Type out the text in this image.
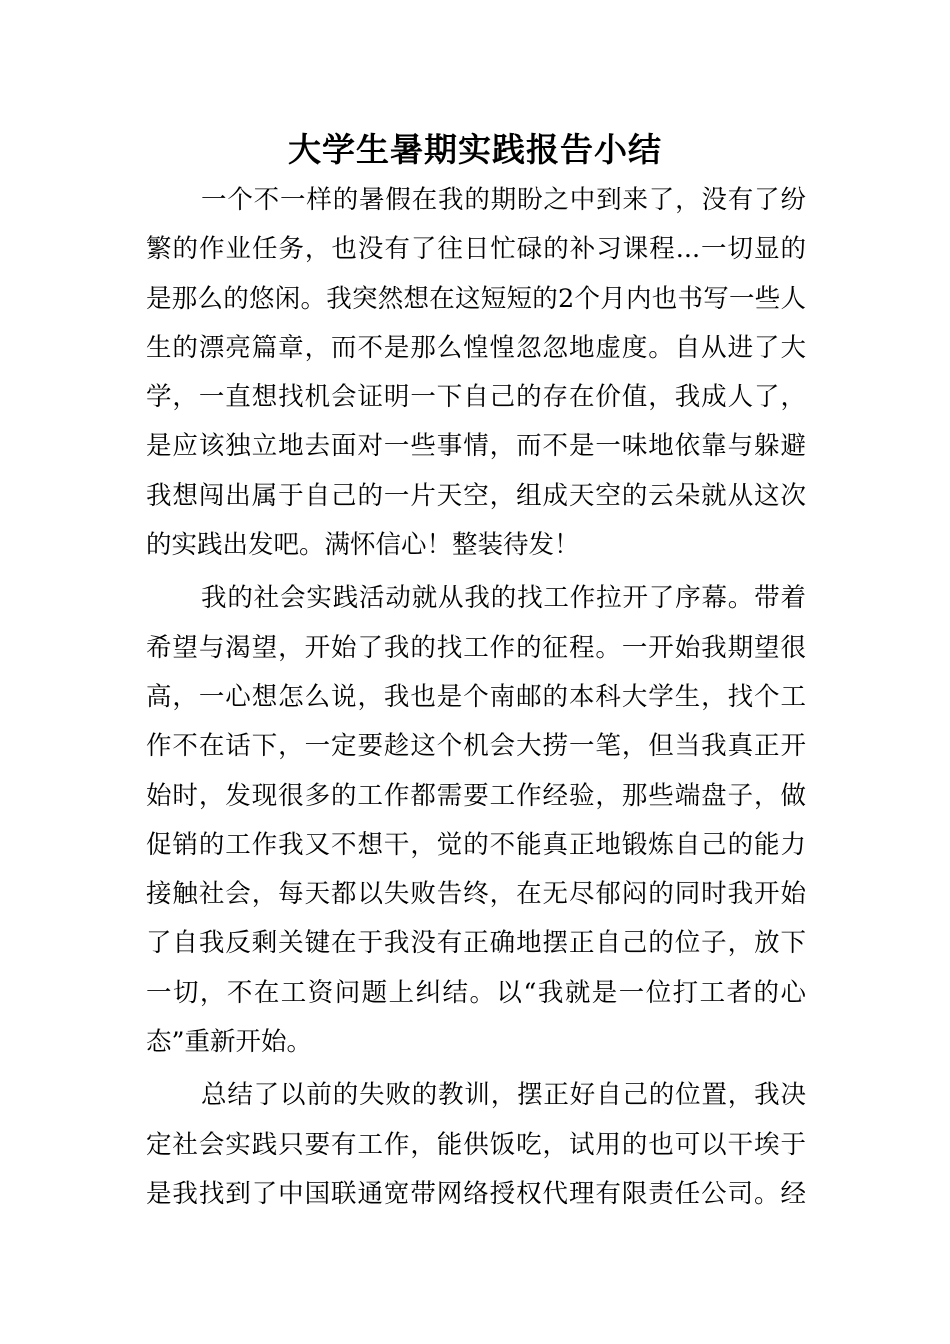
大学生暑期实践报告小结
一个不一样的暑假在我的期盼之中到来了，没有了纷
繁的作业任务，也没有了往日忙碌的补习课程...一切显的
是那么的悠闲。我突然想在这短短的2个月内也书写一些人
生的漂亮篇章，而不是那么惶惶忽忽地虚度。自从进了大
学，一直想找机会证明一下自己的存在价值，我成人了，
是应该独立地去面对一些事情，而不是一味地依靠与躲避
我想闯出属于自己的一片天空，组成天空的云朵就从这次
的实践出发吧。满怀信心！整装待发！
我的社会实践活动就从我的找工作拉开了序幕。带着
希望与渴望，开始了我的找工作的征程。一开始我期望很
高，一心想怎么说，我也是个南邮的本科大学生，找个工
作不在话下，一定要趁这个机会大捞一笔，但当我真正开
始时，发现很多的工作都需要工作经验，那些端盘子，做
促销的工作我又不想干，觉的不能真正地锻炼自己的能力
接触社会，每天都以失败告终，在无尽郁闷的同时我开始
了自我反剩关键在于我没有正确地摆正自己的位子，放下
一切，不在工资问题上纠结。以“我就是一位打工者的心
态”重新开始。
总结了以前的失败的教训，摆正好自己的位置，我决
定社会实践只要有工作，能供饭吃，试用的也可以干埃于
是我找到了中国联通宽带网络授权代理有限责任公司。经
